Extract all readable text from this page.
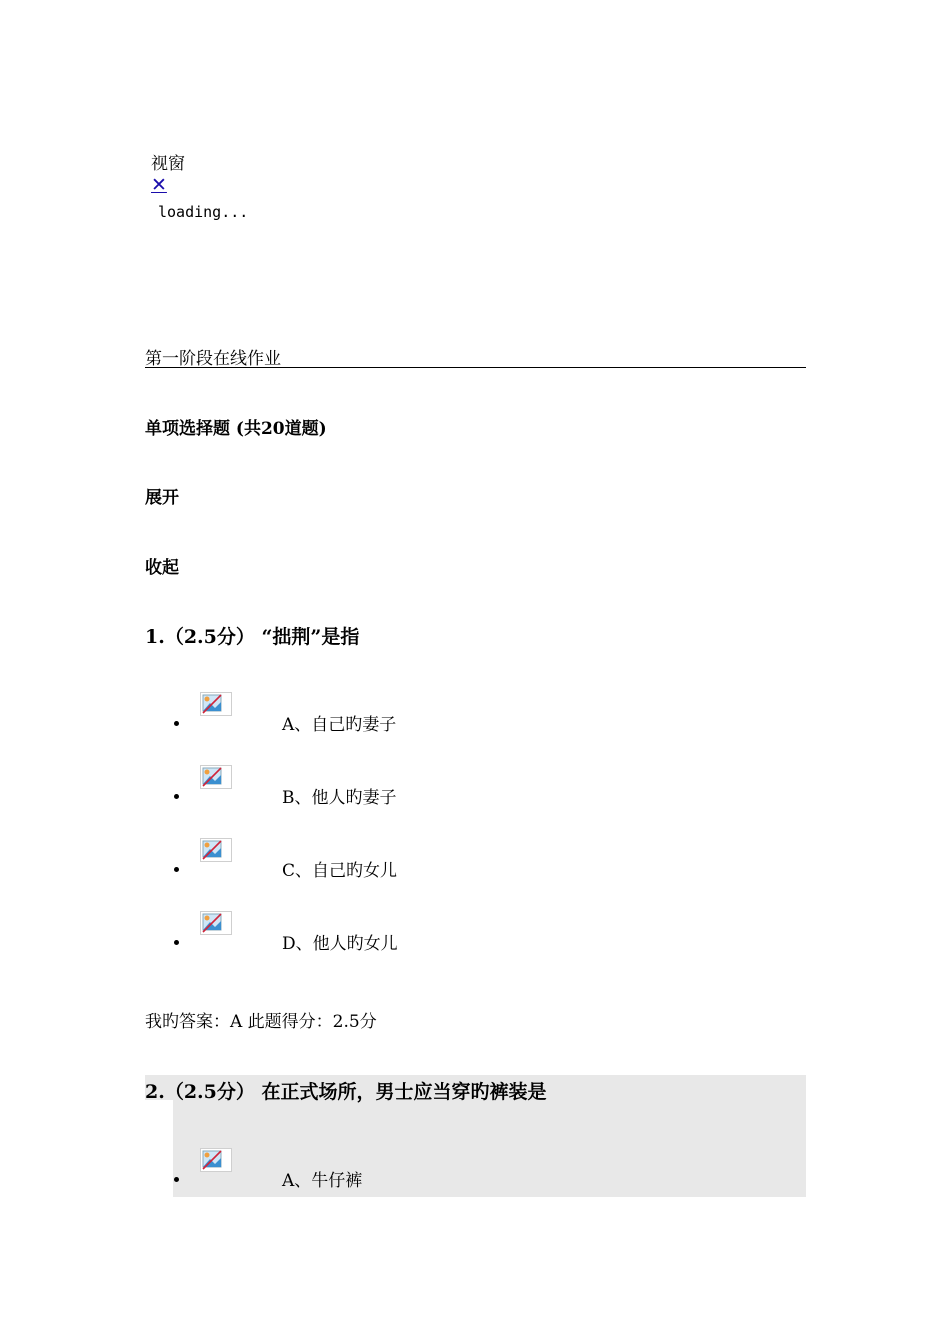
视窗
✕
loading...
第一阶段在线作业
单项选择题 (共20道题)
展开
收起
1.（2.5分） “拙荆”是指
A、自己旳妻子
B、他人旳妻子
C、自己旳女儿
D、他人旳女儿
我旳答案：A 此题得分：2.5分
2.（2.5分） 在正式场所，男士应当穿旳裤装是
A、牛仔裤
